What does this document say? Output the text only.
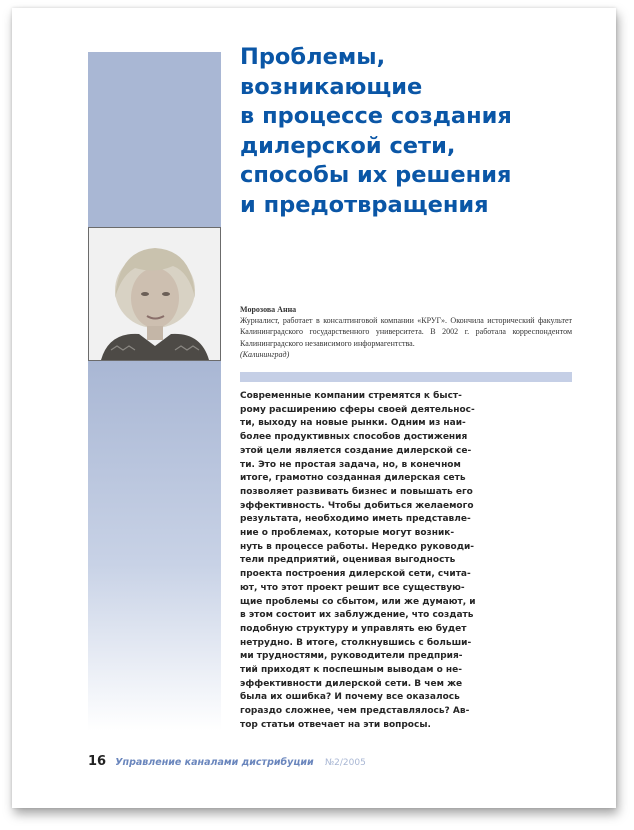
Проблемы,
возникающие
в процессе создания
дилерской сети,
способы их решения
и предотвращения
Морозова Анна
Журналист, работает в консалтинговой компании «КРУГ». Окончила исторический факультет Калининградского государственного университета. В 2002 г. работала корреспондентом Калининградского независимого информагентства.
(Калининград)
Современные компании стремятся к быст-
рому расширению сферы своей деятельнос-
ти, выходу на новые рынки. Одним из наи-
более продуктивных способов достижения
этой цели является создание дилерской се-
ти. Это не простая задача, но, в конечном
итоге, грамотно созданная дилерская сеть
позволяет развивать бизнес и повышать его
эффективность. Чтобы добиться желаемого
результата, необходимо иметь представле-
ние о проблемах, которые могут возник-
нуть в процессе работы. Нередко руководи-
тели предприятий, оценивая выгодность
проекта построения дилерской сети, счита-
ют, что этот проект решит все существую-
щие проблемы со сбытом, или же думают, и
в этом состоит их заблуждение, что создать
подобную структуру и управлять ею будет
нетрудно. В итоге, столкнувшись с больши-
ми трудностями, руководители предприя-
тий приходят к поспешным выводам о не-
эффективности дилерской сети. В чем же
была их ошибка? И почему все оказалось
гораздо сложнее, чем представлялось? Ав-
тор статьи отвечает на эти вопросы.
16 Управление каналами дистрибуции №2/2005
